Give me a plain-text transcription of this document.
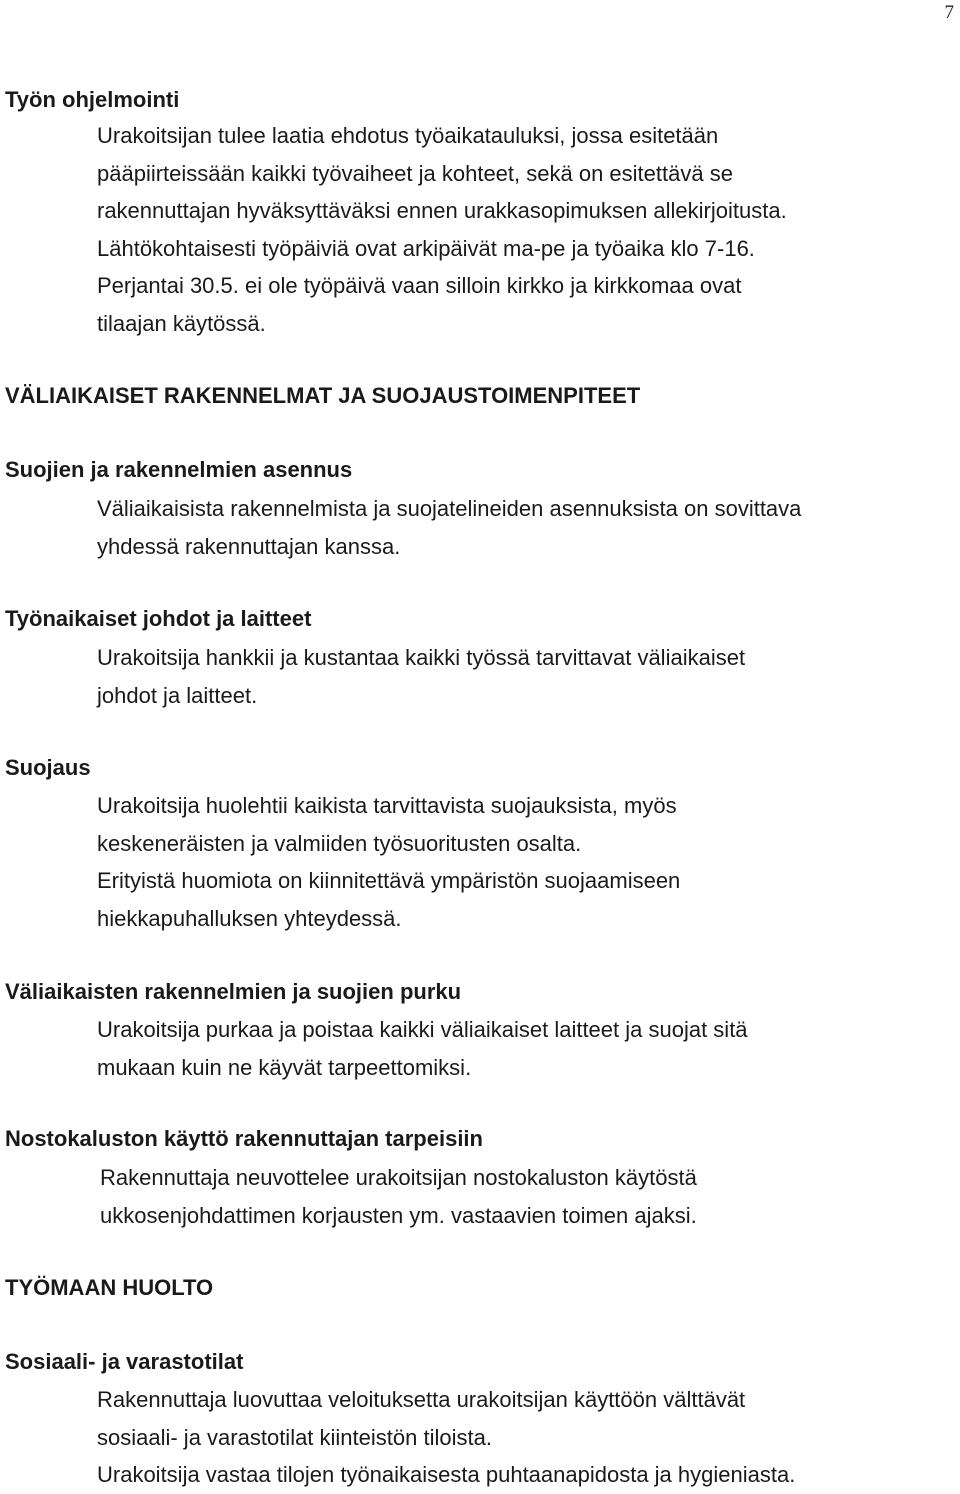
7
Työn ohjelmointi
Urakoitsijan tulee laatia ehdotus työaikatauluksi, jossa esitetään
pääpiirteissään kaikki työvaiheet ja kohteet, sekä on esitettävä se
rakennuttajan hyväksyttäväksi ennen urakkasopimuksen allekirjoitusta.
Lähtökohtaisesti työpäiviä ovat arkipäivät ma-pe ja työaika klo 7-16.
Perjantai 30.5. ei ole työpäivä vaan silloin kirkko ja kirkkomaa ovat
tilaajan käytössä.
VÄLIAIKAISET RAKENNELMAT JA SUOJAUSTOIMENPITEET
Suojien ja rakennelmien asennus
Väliaikaisista rakennelmista ja suojatelineiden asennuksista on sovittava
yhdessä rakennuttajan kanssa.
Työnaikaiset johdot ja laitteet
Urakoitsija hankkii ja kustantaa kaikki työssä tarvittavat väliaikaiset
johdot ja laitteet.
Suojaus
Urakoitsija huolehtii kaikista tarvittavista suojauksista, myös
keskeneräisten ja valmiiden työsuoritusten osalta.
Erityistä huomiota on kiinnitettävä ympäristön suojaamiseen
hiekkapuhalluksen yhteydessä.
Väliaikaisten rakennelmien ja suojien purku
Urakoitsija purkaa ja poistaa kaikki väliaikaiset laitteet ja suojat sitä
mukaan kuin ne käyvät tarpeettomiksi.
Nostokaluston käyttö rakennuttajan tarpeisiin
Rakennuttaja neuvottelee urakoitsijan nostokaluston käytöstä
ukkosenjohdattimen korjausten ym. vastaavien toimen ajaksi.
TYÖMAAN HUOLTO
Sosiaali- ja varastotilat
Rakennuttaja luovuttaa veloituksetta urakoitsijan käyttöön välttävät
sosiaali- ja varastotilat kiinteistön tiloista.
Urakoitsija vastaa tilojen työnaikaisesta puhtaanapidosta ja hygieniasta.
